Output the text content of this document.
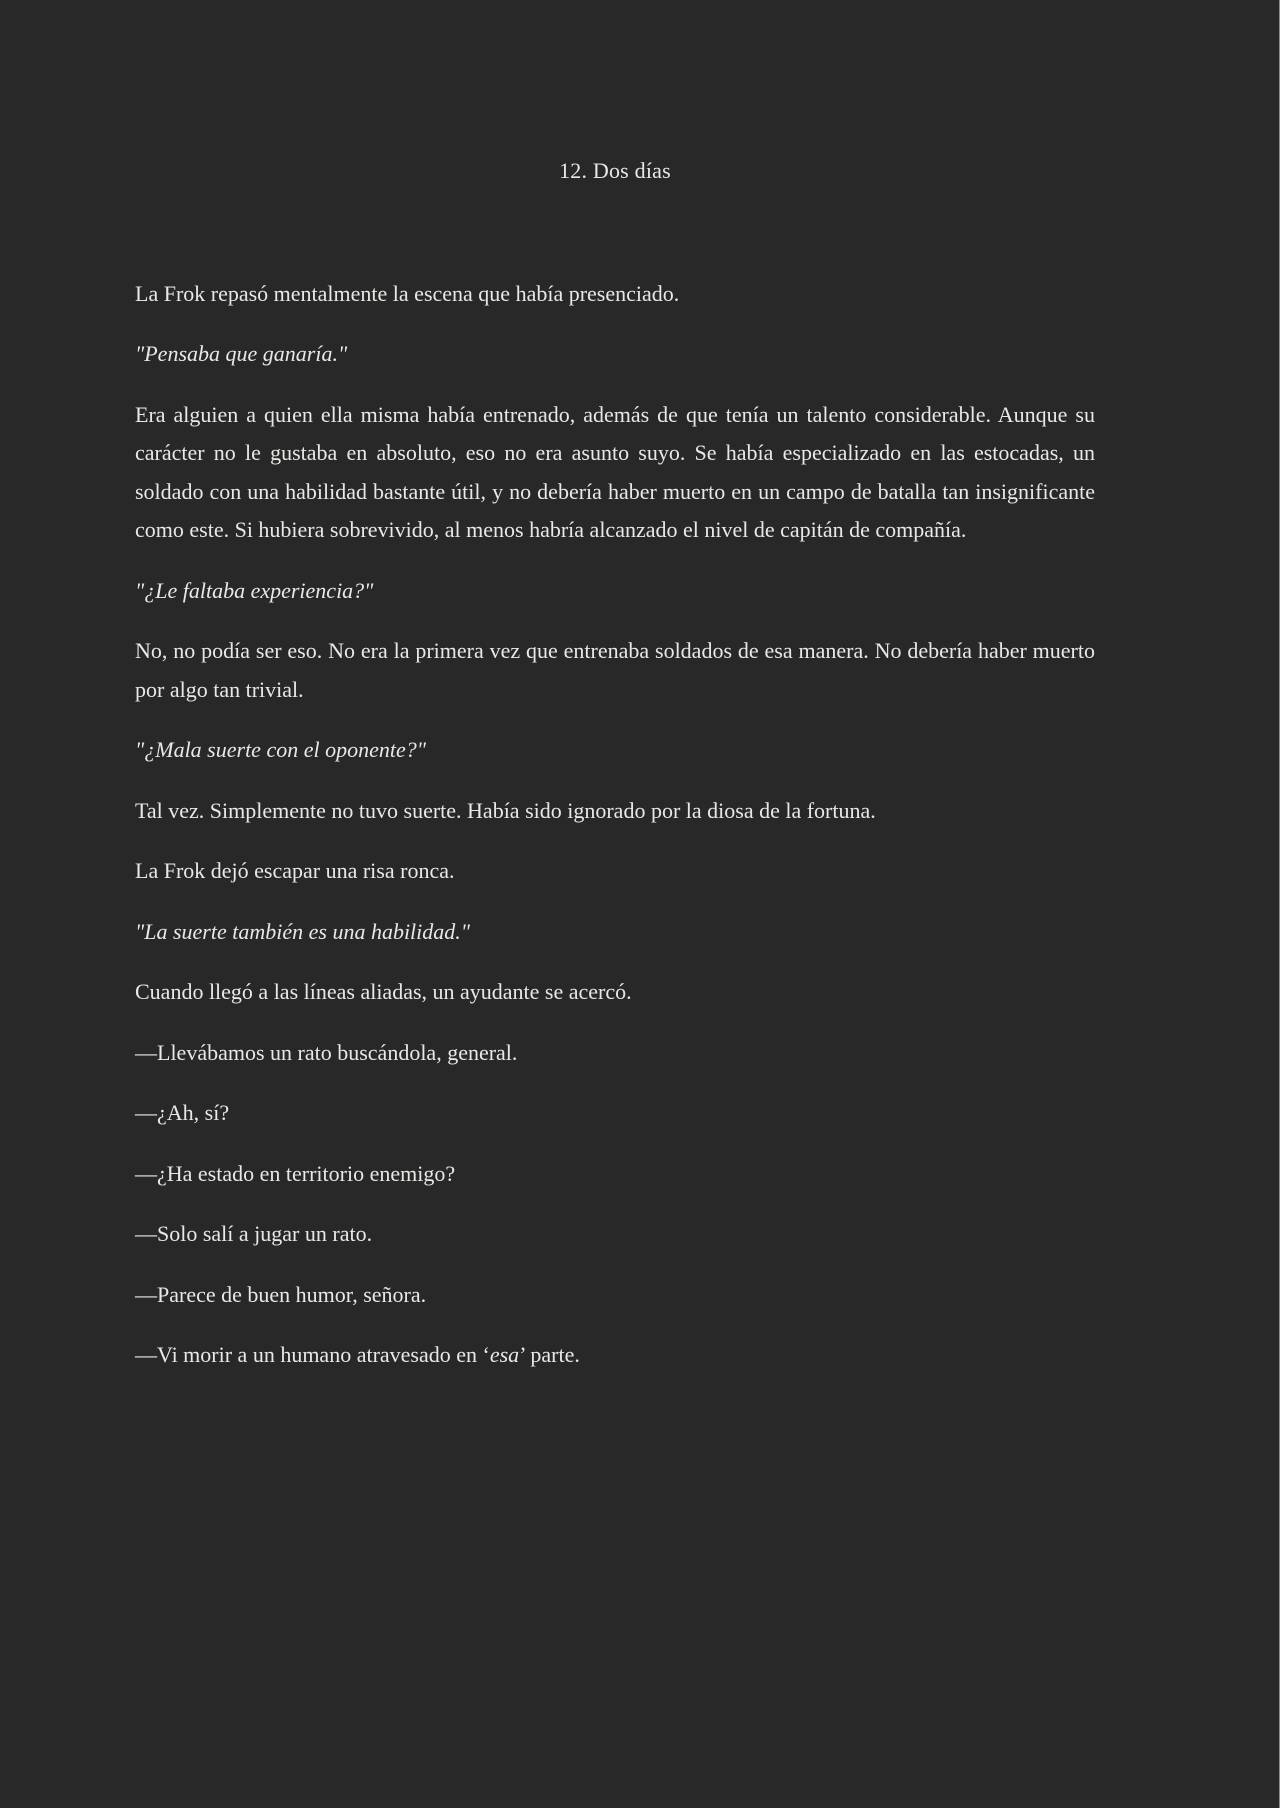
12. Dos días

La Frok repasó mentalmente la escena que había presenciado.

"Pensaba que ganaría."

Era alguien a quien ella misma había entrenado, además de que tenía un talento considerable. Aunque su carácter no le gustaba en absoluto, eso no era asunto suyo. Se había especializado en las estocadas, un soldado con una habilidad bastante útil, y no debería haber muerto en un campo de batalla tan insignificante como este. Si hubiera sobrevivido, al menos habría alcanzado el nivel de capitán de compañía.

"¿Le faltaba experiencia?"

No, no podía ser eso. No era la primera vez que entrenaba soldados de esa manera. No debería haber muerto por algo tan trivial.

"¿Mala suerte con el oponente?"

Tal vez. Simplemente no tuvo suerte. Había sido ignorado por la diosa de la fortuna.

La Frok dejó escapar una risa ronca.

"La suerte también es una habilidad."

Cuando llegó a las líneas aliadas, un ayudante se acercó.

—Llevábamos un rato buscándola, general.

—¿Ah, sí?

—¿Ha estado en territorio enemigo?

—Solo salí a jugar un rato.

—Parece de buen humor, señora.

—Vi morir a un humano atravesado en ‘esa’ parte.
